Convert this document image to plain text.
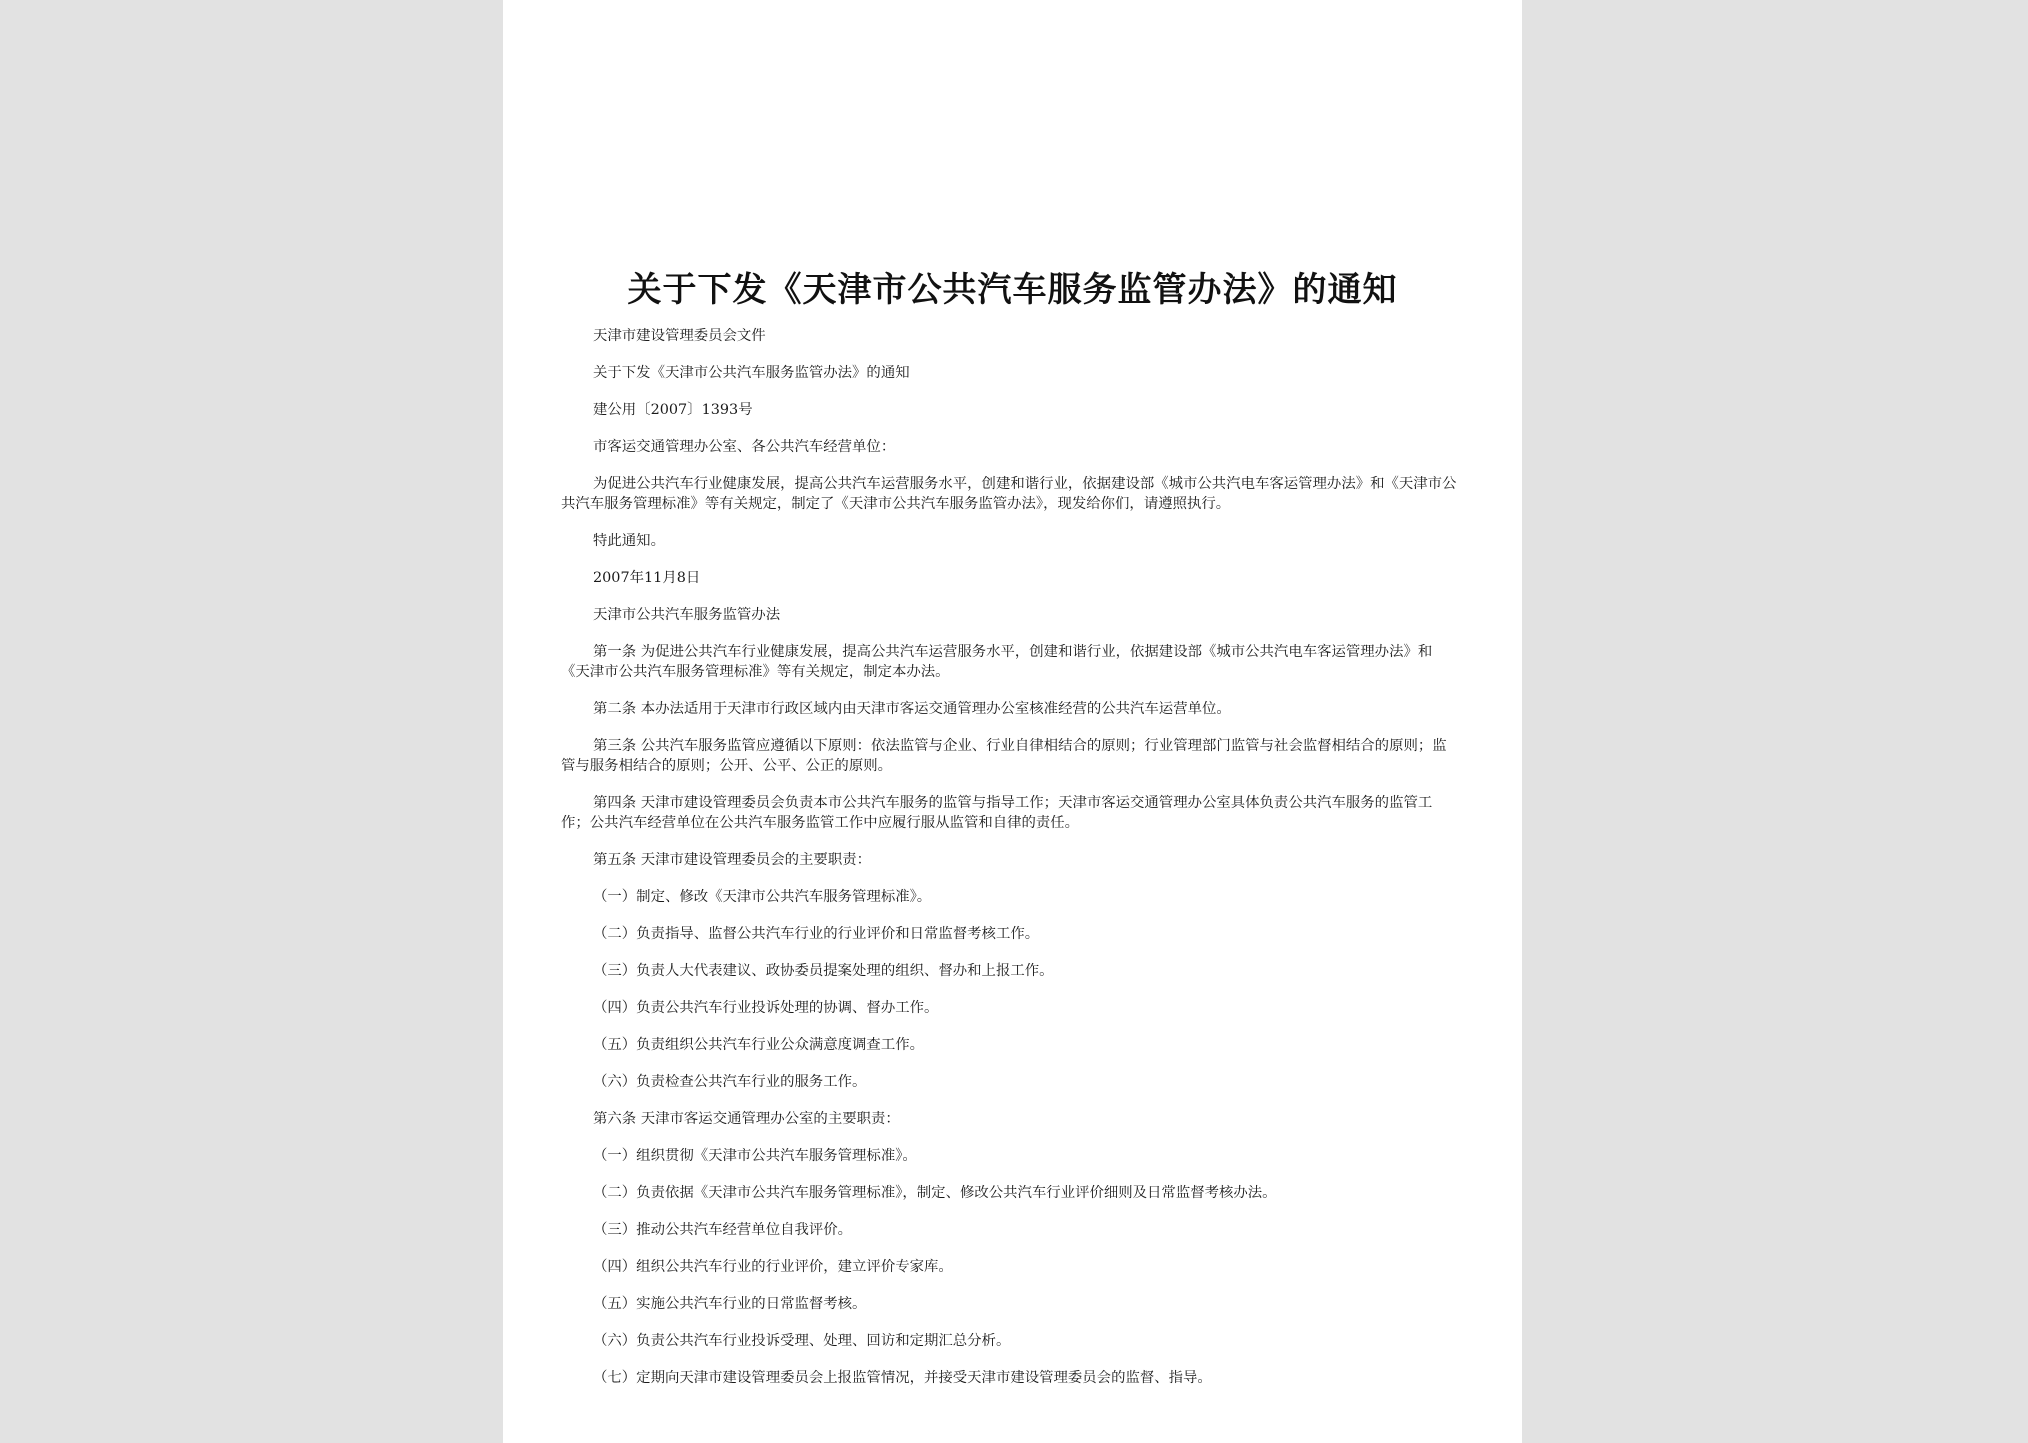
关于下发《天津市公共汽车服务监管办法》的通知

天津市建设管理委员会文件

关于下发《天津市公共汽车服务监管办法》的通知

建公用〔2007〕1393号

市客运交通管理办公室、各公共汽车经营单位：

为促进公共汽车行业健康发展，提高公共汽车运营服务水平，创建和谐行业，依据建设部《城市公共汽电车客运管理办法》和《天津市公共汽车服务管理标准》等有关规定，制定了《天津市公共汽车服务监管办法》，现发给你们，请遵照执行。

特此通知。

2007年11月8日

天津市公共汽车服务监管办法

第一条 为促进公共汽车行业健康发展，提高公共汽车运营服务水平，创建和谐行业，依据建设部《城市公共汽电车客运管理办法》和《天津市公共汽车服务管理标准》等有关规定，制定本办法。

第二条 本办法适用于天津市行政区域内由天津市客运交通管理办公室核准经营的公共汽车运营单位。

第三条 公共汽车服务监管应遵循以下原则：依法监管与企业、行业自律相结合的原则；行业管理部门监管与社会监督相结合的原则；监管与服务相结合的原则；公开、公平、公正的原则。

第四条 天津市建设管理委员会负责本市公共汽车服务的监管与指导工作；天津市客运交通管理办公室具体负责公共汽车服务的监管工作；公共汽车经营单位在公共汽车服务监管工作中应履行服从监管和自律的责任。

第五条 天津市建设管理委员会的主要职责：

（一）制定、修改《天津市公共汽车服务管理标准》。

（二）负责指导、监督公共汽车行业的行业评价和日常监督考核工作。

（三）负责人大代表建议、政协委员提案处理的组织、督办和上报工作。

（四）负责公共汽车行业投诉处理的协调、督办工作。

（五）负责组织公共汽车行业公众满意度调查工作。

（六）负责检查公共汽车行业的服务工作。

第六条 天津市客运交通管理办公室的主要职责：

（一）组织贯彻《天津市公共汽车服务管理标准》。

（二）负责依据《天津市公共汽车服务管理标准》，制定、修改公共汽车行业评价细则及日常监督考核办法。

（三）推动公共汽车经营单位自我评价。

（四）组织公共汽车行业的行业评价，建立评价专家库。

（五）实施公共汽车行业的日常监督考核。

（六）负责公共汽车行业投诉受理、处理、回访和定期汇总分析。

（七）定期向天津市建设管理委员会上报监管情况，并接受天津市建设管理委员会的监督、指导。
